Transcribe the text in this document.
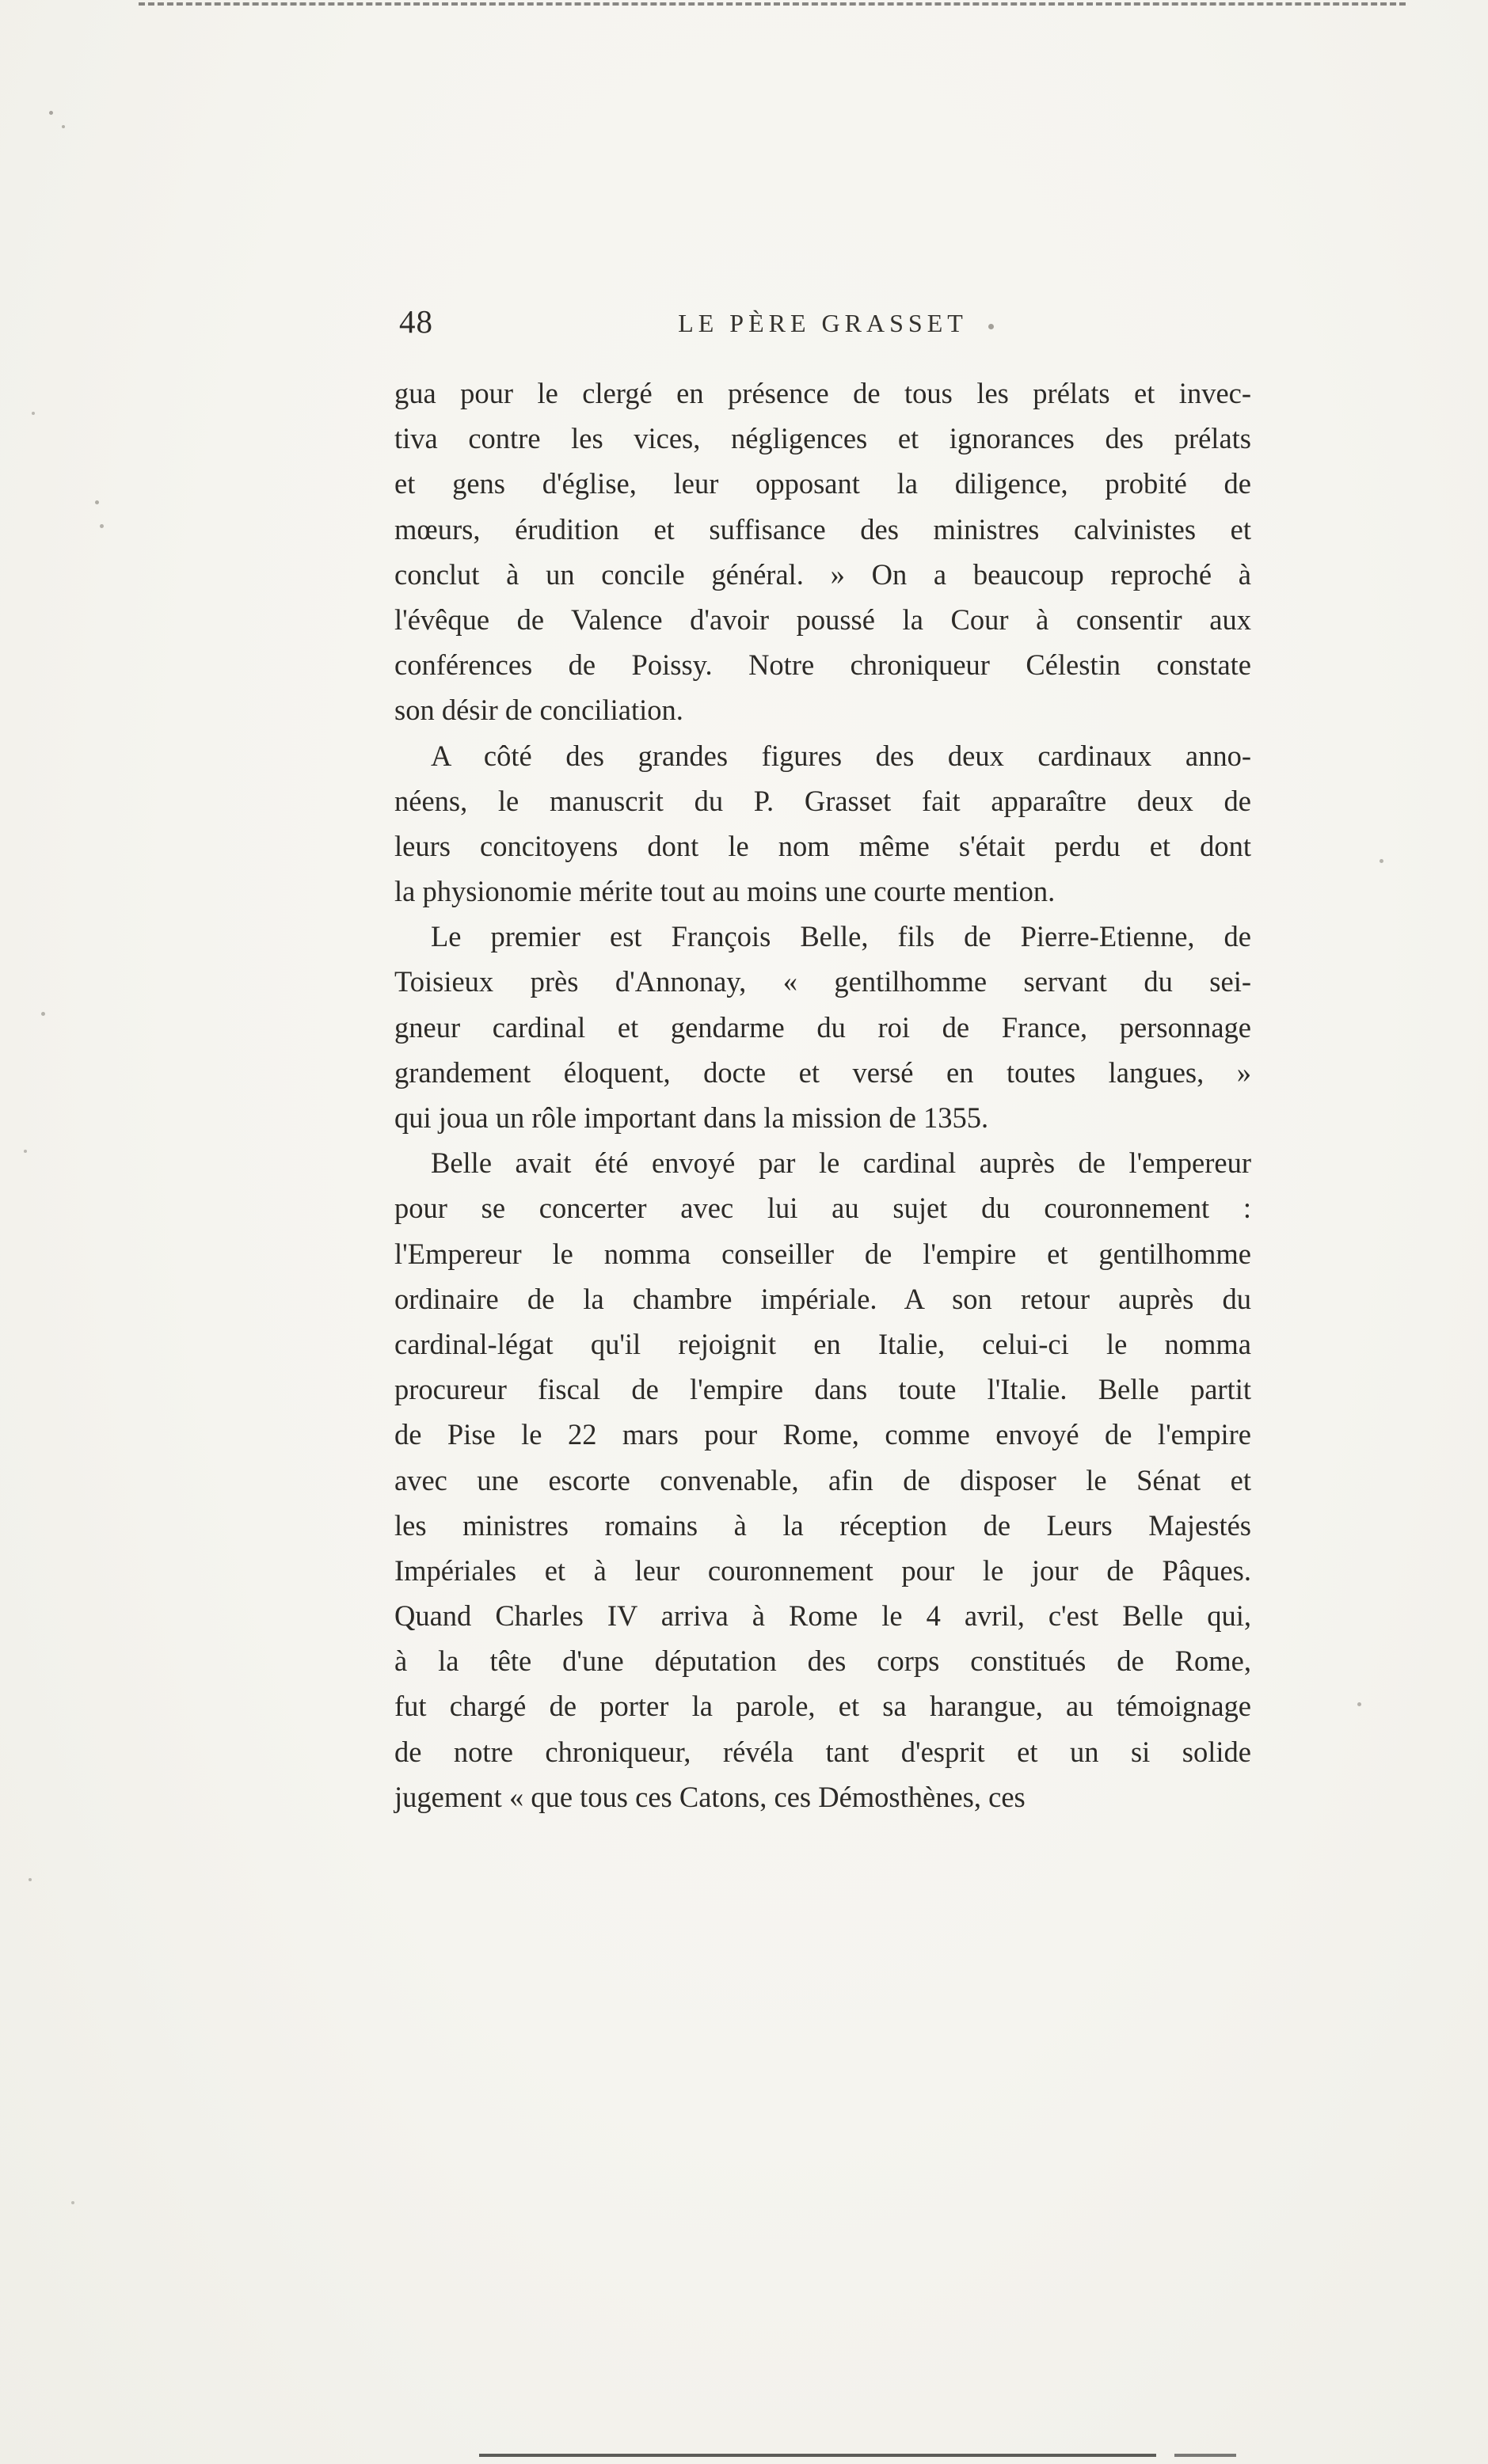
48	LE PÈRE GRASSET

gua pour le clergé en présence de tous les prélats et invec-
tiva contre les vices, négligences et ignorances des prélats
et gens d'église, leur opposant la diligence, probité de
mœurs, érudition et suffisance des ministres calvinistes et
conclut à un concile général. » On a beaucoup reproché à
l'évêque de Valence d'avoir poussé la Cour à consentir aux
conférences de Poissy. Notre chroniqueur Célestin constate
son désir de conciliation.

A côté des grandes figures des deux cardinaux anno-
néens, le manuscrit du P. Grasset fait apparaître deux de
leurs concitoyens dont le nom même s'était perdu et dont
la physionomie mérite tout au moins une courte mention.

Le premier est François Belle, fils de Pierre-Etienne, de
Toisieux près d'Annonay, « gentilhomme servant du sei-
gneur cardinal et gendarme du roi de France, personnage
grandement éloquent, docte et versé en toutes langues, »
qui joua un rôle important dans la mission de 1355.

Belle avait été envoyé par le cardinal auprès de l'empereur
pour se concerter avec lui au sujet du couronnement :
l'Empereur le nomma conseiller de l'empire et gentilhomme
ordinaire de la chambre impériale. A son retour auprès du
cardinal-légat qu'il rejoignit en Italie, celui-ci le nomma
procureur fiscal de l'empire dans toute l'Italie. Belle partit
de Pise le 22 mars pour Rome, comme envoyé de l'empire
avec une escorte convenable, afin de disposer le Sénat et
les ministres romains à la réception de Leurs Majestés
Impériales et à leur couronnement pour le jour de Pâques.
Quand Charles IV arriva à Rome le 4 avril, c'est Belle qui,
à la tête d'une députation des corps constitués de Rome,
fut chargé de porter la parole, et sa harangue, au témoignage
de notre chroniqueur, révéla tant d'esprit et un si solide
jugement « que tous ces Catons, ces Démosthènes, ces
